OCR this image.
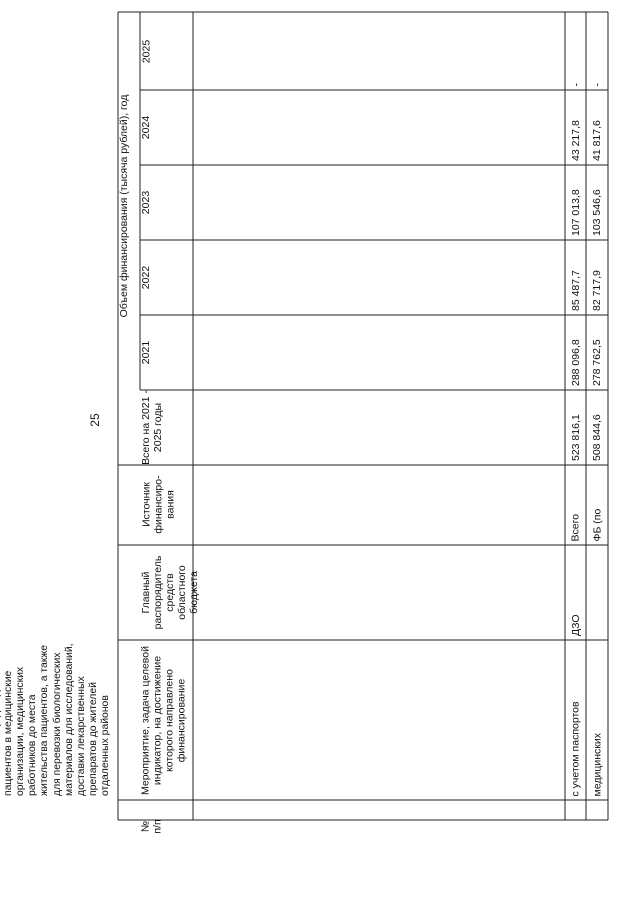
25
№ п/п
Мероприятие, задача целевой индикатор, на достижение которого направлено финансирование
Главный распорядитель средств областного бюджета
Источник финансиро-вания
Всего на 2021 - 2025 годы
Объем финансирования (тысяча рублей), год
2021
2022
2023
2024
2025
пациентов в медицинские организации, медицинских работников до места жительства пациентов, а также для перевозки биологических материалов для исследований, доставки лекарственных препаратов до жителей отдаленных районов	с учетом паспортов
ДЗО
Всего
523 816,1
288 096,8
85 487,7
107 013,8
43 217,8
-
медицинских
ФБ (по
508 844,6
278 762,5
82 717,9
103 546,6
41 817,6
-
